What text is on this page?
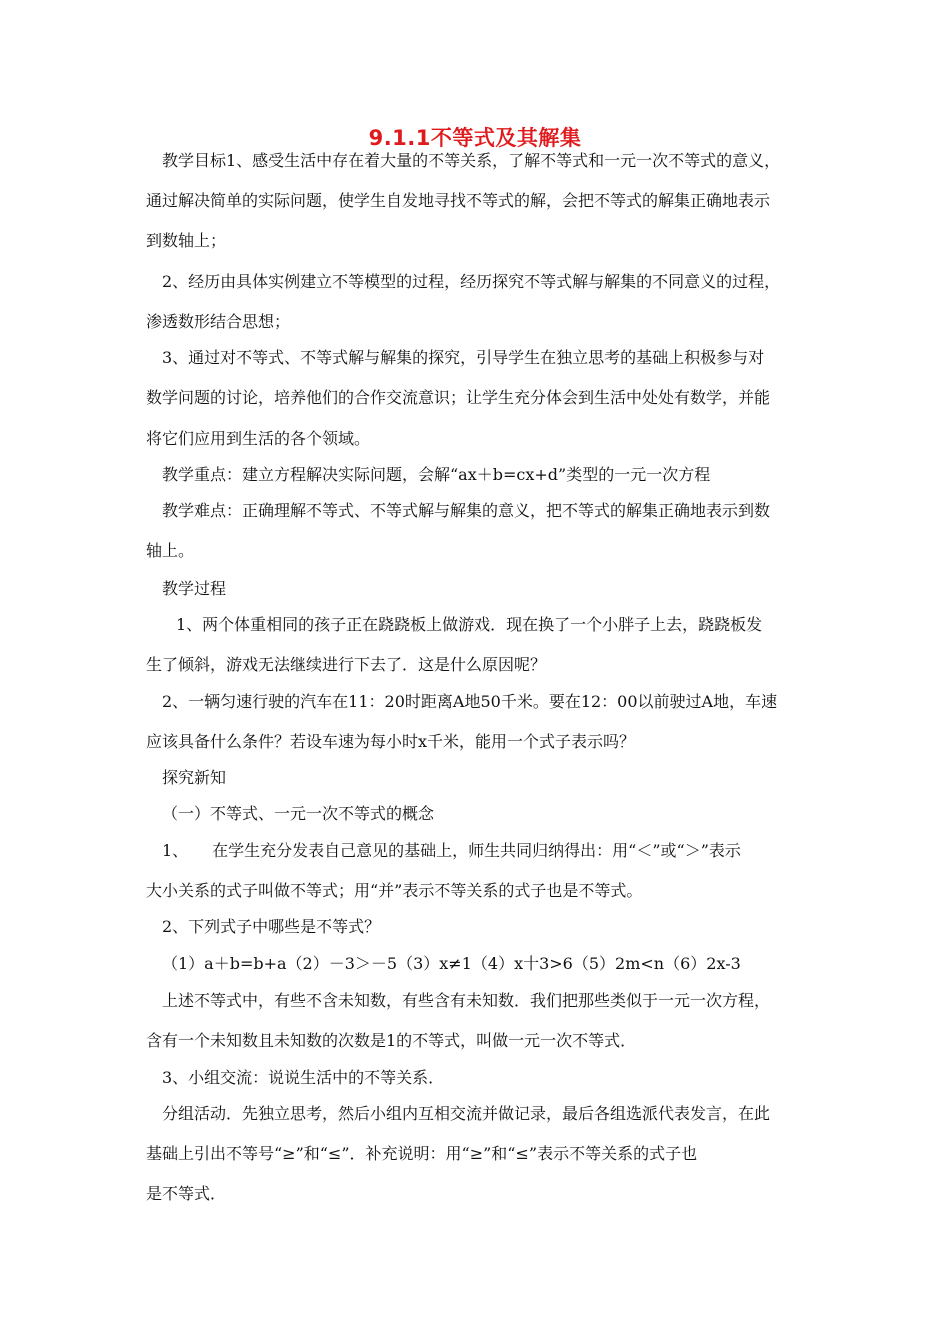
9.1.1不等式及其解集
教学目标1、感受生活中存在着大量的不等关系，了解不等式和一元一次不等式的意义，
通过解决简单的实际问题，使学生自发地寻找不等式的解，会把不等式的解集正确地表示
到数轴上；
2、经历由具体实例建立不等模型的过程，经历探究不等式解与解集的不同意义的过程，
渗透数形结合思想；
3、通过对不等式、不等式解与解集的探究，引导学生在独立思考的基础上积极参与对
数学问题的讨论，培养他们的合作交流意识；让学生充分体会到生活中处处有数学，并能
将它们应用到生活的各个领域。
教学重点：建立方程解决实际问题，会解“ax＋b=cx+d”类型的一元一次方程
教学难点：正确理解不等式、不等式解与解集的意义，把不等式的解集正确地表示到数
轴上。
教学过程
1、两个体重相同的孩子正在跷跷板上做游戏．现在换了一个小胖子上去，跷跷板发
生了倾斜，游戏无法继续进行下去了．这是什么原因呢？
2、一辆匀速行驶的汽车在11：20时距离A地50千米。要在12：00以前驶过A地，车速
应该具备什么条件？若设车速为每小时x千米，能用一个式子表示吗？
探究新知
（一）不等式、一元一次不等式的概念
1、　　在学生充分发表自己意见的基础上，师生共同归纳得出：用“＜”或“＞”表示
大小关系的式子叫做不等式；用“并”表示不等关系的式子也是不等式。
2、下列式子中哪些是不等式？
（1）a＋b=b+a（2）－3＞－5（3）x≠1（4）x十3>6（5）2m<n（6）2x-3
上述不等式中，有些不含未知数，有些含有未知数．我们把那些类似于一元一次方程，
含有一个未知数且未知数的次数是1的不等式，叫做一元一次不等式．
3、小组交流：说说生活中的不等关系．
分组活动．先独立思考，然后小组内互相交流并做记录，最后各组选派代表发言，在此
基础上引出不等号“≥”和“≤”．补充说明：用“≥”和“≤”表示不等关系的式子也
是不等式．
